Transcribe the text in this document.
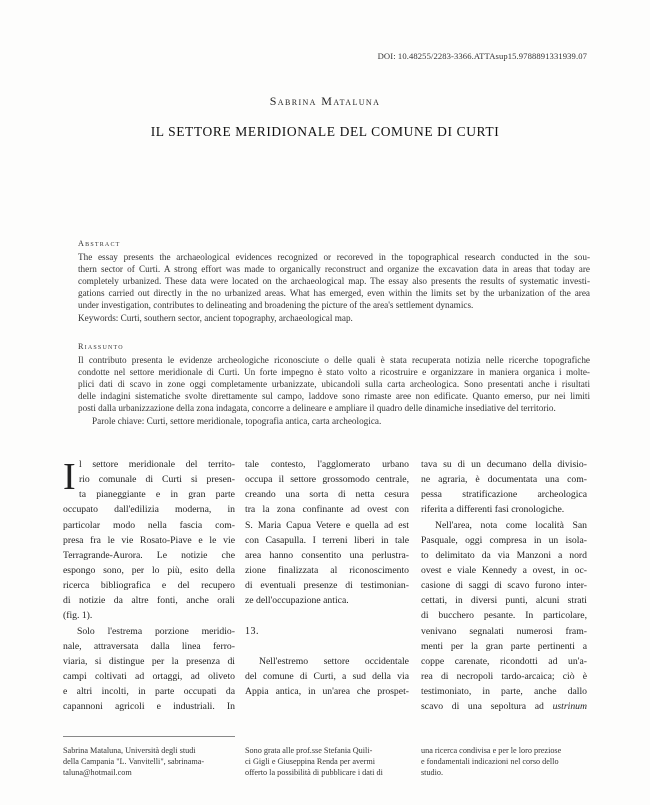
DOI: 10.48255/2283-3366.ATTAsup15.9788891331939.07
Sabrina Mataluna
IL SETTORE MERIDIONALE DEL COMUNE DI CURTI
Abstract
The essay presents the archaeological evidences recognized or recoreved in the topographical research conducted in the sou-
thern sector of Curti. A strong effort was made to organically reconstruct and organize the excavation data in areas that today are
completely urbanized. These data were located on the archaeological map. The essay also presents the results of systematic investi-
gations carried out directly in the no urbanized areas. What has emerged, even within the limits set by the urbanization of the area
under investigation, contributes to delineating and broadening the picture of the area's settlement dynamics.
Keywords: Curti, southern sector, ancient topography, archaeological map.
Riassunto
Il contributo presenta le evidenze archeologiche riconosciute o delle quali è stata recuperata notizia nelle ricerche topografiche
condotte nel settore meridionale di Curti. Un forte impegno è stato volto a ricostruire e organizzare in maniera organica i molte-
plici dati di scavo in zone oggi completamente urbanizzate, ubicandoli sulla carta archeologica. Sono presentati anche i risultati
delle indagini sistematiche svolte direttamente sul campo, laddove sono rimaste aree non edificate. Quanto emerso, pur nei limiti
posti dalla urbanizzazione della zona indagata, concorre a delineare e ampliare il quadro delle dinamiche insediative del territorio.
Parole chiave: Curti, settore meridionale, topografia antica, carta archeologica.
I l settore meridionale del territo-
rio comunale di Curti si presen-
ta pianeggiante e in gran parte
occupato dall'edilizia moderna, in
particolar modo nella fascia com-
presa fra le vie Rosato-Piave e le vie
Terragrande-Aurora. Le notizie che
espongo sono, per lo più, esito della
ricerca bibliografica e del recupero
di notizie da altre fonti, anche orali
(fig. 1).
Solo l'estrema porzione meridio-
nale, attraversata dalla linea ferro-
viaria, si distingue per la presenza di
campi coltivati ad ortaggi, ad oliveto
e altri incolti, in parte occupati da
capannoni agricoli e industriali. In
tale contesto, l'agglomerato urbano
occupa il settore grossomodo centrale,
creando una sorta di netta cesura
tra la zona confinante ad ovest con
S. Maria Capua Vetere e quella ad est
con Casapulla. I terreni liberi in tale
area hanno consentito una perlustra-
zione finalizzata al riconoscimento
di eventuali presenze di testimonian-
ze dell'occupazione antica.
13.
Nell'estremo settore occidentale
del comune di Curti, a sud della via
Appia antica, in un'area che prospet-
tava su di un decumano della divisio-
ne agraria, è documentata una com-
pessa stratificazione archeologica
riferita a differenti fasi cronologiche.
Nell'area, nota come località San
Pasquale, oggi compresa in un isola-
to delimitato da via Manzoni a nord
ovest e viale Kennedy a ovest, in oc-
casione di saggi di scavo furono inter-
cettati, in diversi punti, alcuni strati
di bucchero pesante. In particolare,
venivano segnalati numerosi fram-
menti per la gran parte pertinenti a
coppe carenate, ricondotti ad un'a-
rea di necropoli tardo-arcaica; ciò è
testimoniato, in parte, anche dallo
scavo di una sepoltura ad ustrinum
Sabrina Mataluna, Università degli studi
della Campania "L. Vanvitelli", sabrinama-
taluna@hotmail.com
Sono grata alle prof.sse Stefania Quili-
ci Gigli e Giuseppina Renda per avermi
offerto la possibilità di pubblicare i dati di
una ricerca condivisa e per le loro preziose
e fondamentali indicazioni nel corso dello
studio.
